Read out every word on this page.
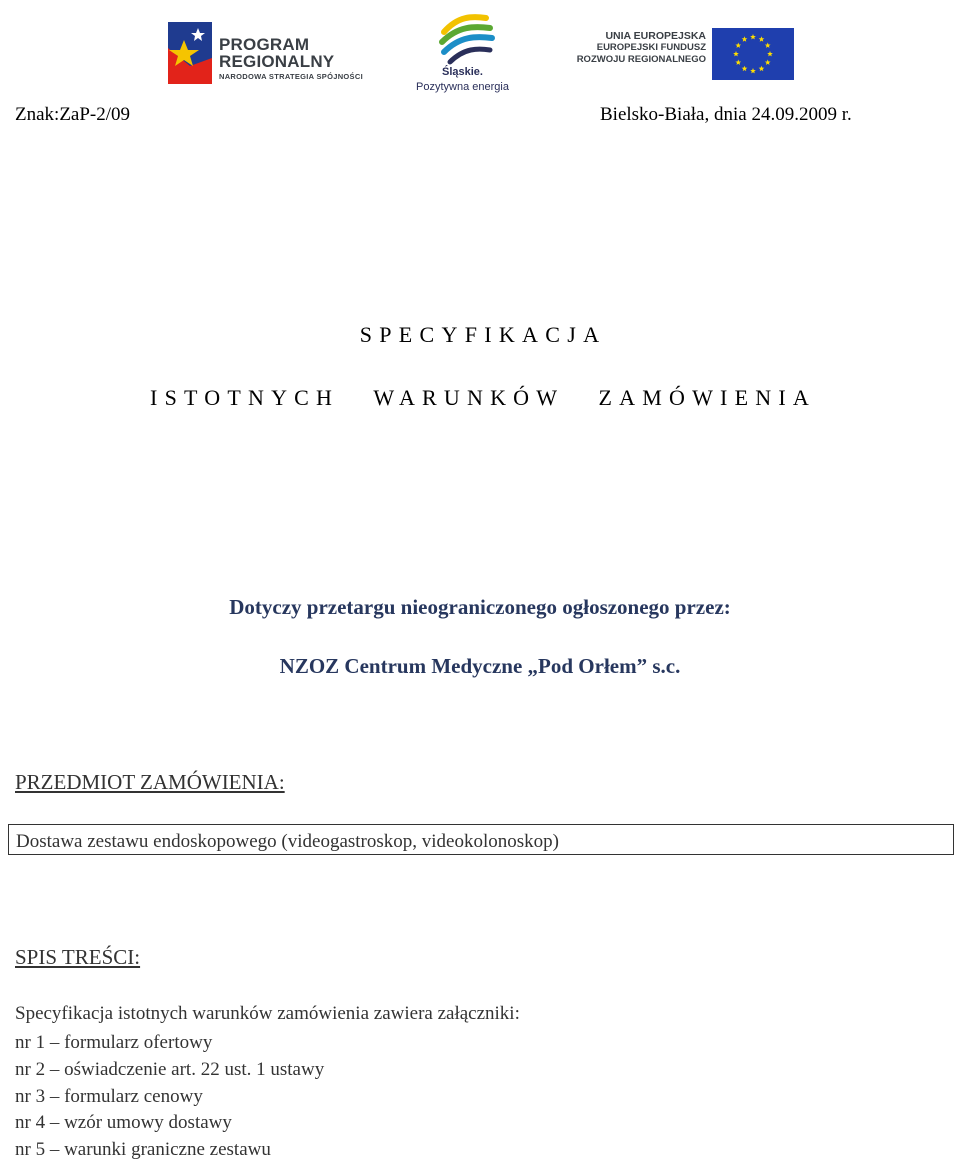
PROGRAM
REGIONALNY
NARODOWA STRATEGIA SPÓJNOŚCI	Śląskie.
Pozytywna energia
UNIA EUROPEJSKA
EUROPEJSKI FUNDUSZ
ROZWOJU REGIONALNEGO
Znak:ZaP-2/09	Bielsko-Biała, dnia 24.09.2009 r.
SPECYFIKACJA
ISTOTNYCH WARUNKÓW ZAMÓWIENIA
Dotyczy przetargu nieograniczonego ogłoszonego przez:
NZOZ Centrum Medyczne „Pod Orłem” s.c.
PRZEDMIOT ZAMÓWIENIA:
Dostawa zestawu endoskopowego (videogastroskop, videokolonoskop)
SPIS TREŚCI:
Specyfikacja istotnych warunków zamówienia zawiera załączniki:
nr 1 – formularz ofertowy
nr 2 – oświadczenie art. 22 ust. 1 ustawy
nr 3 – formularz cenowy
nr 4 – wzór umowy dostawy
nr 5 – warunki graniczne zestawu
